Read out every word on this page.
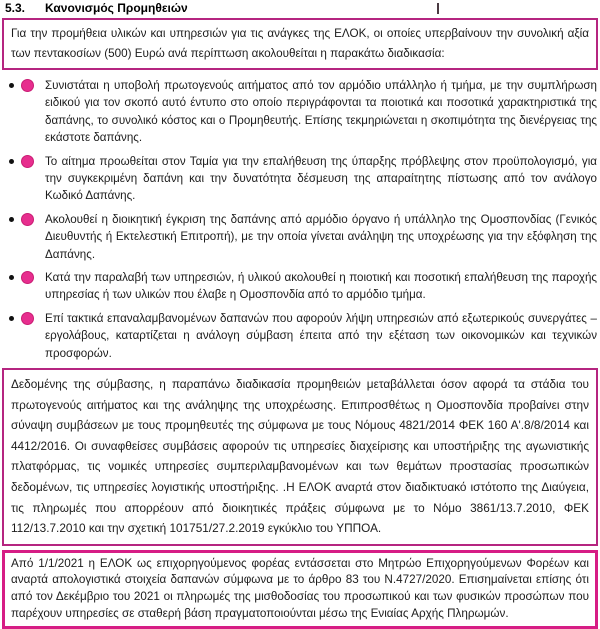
5.3.	Κανονισμός Προμηθειών
Για την προμήθεια υλικών και υπηρεσιών για τις ανάγκες της ΕΛΟΚ, οι οποίες υπερβαίνουν την συνολική αξία των πεντακοσίων (500) Ευρώ ανά περίπτωση ακολουθείται η παρακάτω διαδικασία:
Συνιστάται η υποβολή πρωτογενούς αιτήματος από τον αρμόδιο υπάλληλο ή τμήμα, με την συμπλήρωση ειδικού για τον σκοπό αυτό έντυπο στο οποίο περιγράφονται τα ποιοτικά και ποσοτικά χαρακτηριστικά της δαπάνης, το συνολικό κόστος και ο Προμηθευτής. Επίσης τεκμηριώνεται η σκοπιμότητα της διενέργειας της εκάστοτε δαπάνης.
Το αίτημα προωθείται στον Ταμία για την επαλήθευση της ύπαρξης πρόβλεψης στον προϋπολογισμό, για την συγκεκριμένη δαπάνη και την δυνατότητα δέσμευση της απαραίτητης πίστωσης από τον ανάλογο Κωδικό Δαπάνης.
Ακολουθεί η διοικητική έγκριση της δαπάνης από αρμόδιο όργανο ή υπάλληλο της Ομοσπονδίας (Γενικός Διευθυντής ή Εκτελεστική Επιτροπή), με την οποία γίνεται ανάληψη της υποχρέωσης για την εξόφληση της Δαπάνης.
Κατά την παραλαβή των υπηρεσιών, ή υλικού ακολουθεί η ποιοτική και ποσοτική επαλήθευση της παροχής υπηρεσίας ή των υλικών που έλαβε η Ομοσπονδία από το αρμόδιο τμήμα.
Επί τακτικά επαναλαμβανομένων δαπανών που αφορούν λήψη υπηρεσιών από εξωτερικούς συνεργάτες – εργολάβους, καταρτίζεται η ανάλογη σύμβαση έπειτα από την εξέταση των οικονομικών και τεχνικών προσφορών.
Δεδομένης της σύμβασης, η παραπάνω διαδικασία προμηθειών μεταβάλλεται όσον αφορά τα στάδια του πρωτογενούς αιτήματος και της ανάληψης της υποχρέωσης. Επιπροσθέτως η Ομοσπονδία προβαίνει στην σύναψη συμβάσεων με τους προμηθευτές της σύμφωνα με τους Νόμους 4821/2014 ΦΕΚ 160 Α'.8/8/2014 και 4412/2016. Οι συναφθείσες συμβάσεις αφορούν τις υπηρεσίες διαχείρισης και υποστήριξης της αγωνιστικής πλατφόρμας, τις νομικές υπηρεσίες συμπεριλαμβανομένων και των θεμάτων προστασίας προσωπικών δεδομένων, τις υπηρεσίες λογιστικής υποστήριξης. .Η ΕΛΟΚ αναρτά στον διαδικτυακό ιστότοπο της Διαύγεια, τις πληρωμές που απορρέουν από διοικητικές πράξεις σύμφωνα με το Νόμο 3861/13.7.2010, ΦΕΚ 112/13.7.2010 και την σχετική 101751/27.2.2019 εγκύκλιο του ΥΠΠΟΑ.
Από 1/1/2021 η ΕΛΟΚ ως επιχορηγούμενος φορέας εντάσσεται στο Μητρώο Επιχορηγούμενων Φορέων και αναρτά απολογιστικά στοιχεία δαπανών σύμφωνα με το άρθρο 83 του Ν.4727/2020. Επισημαίνεται επίσης ότι από τον Δεκέμβριο του 2021 οι πληρωμές της μισθοδοσίας του προσωπικού και των φυσικών προσώπων που παρέχουν υπηρεσίες σε σταθερή βάση πραγματοποιούνται μέσω της Ενιαίας Αρχής Πληρωμών.
